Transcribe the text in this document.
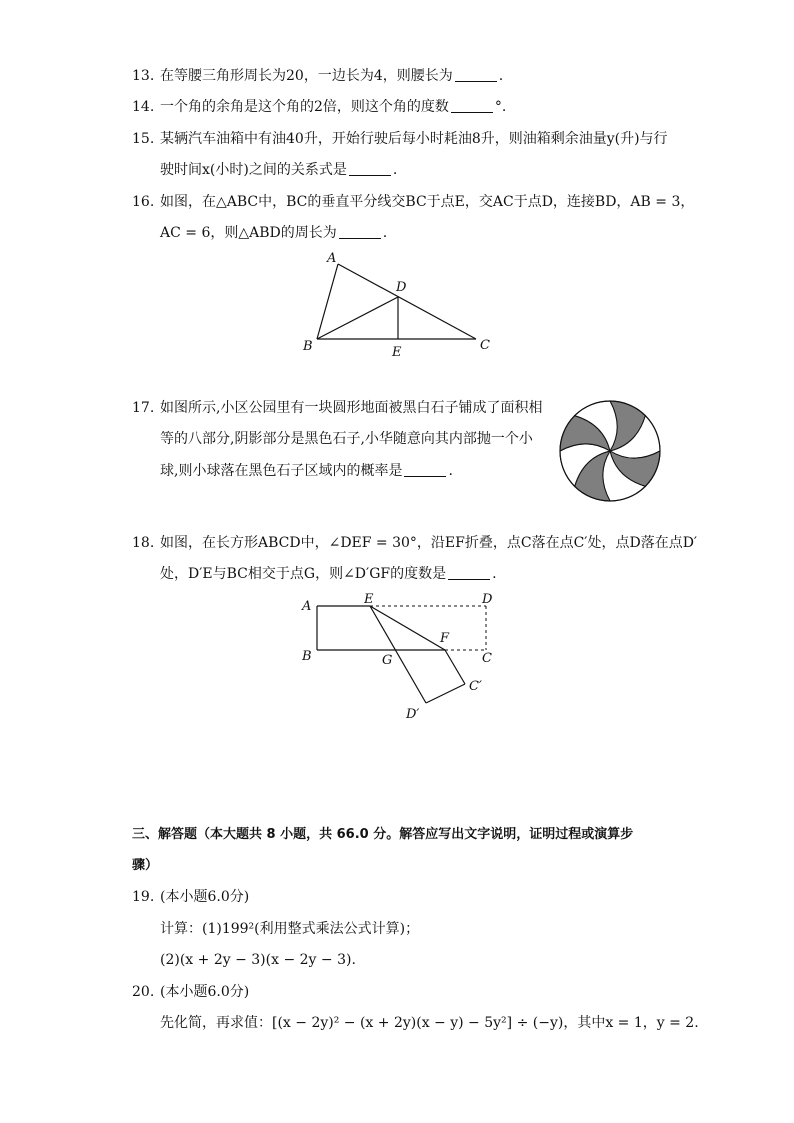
13. 在等腰三角形周长为20，一边长为4，则腰长为	.
14. 一个角的余角是这个角的2倍，则这个角的度数	°.
15. 某辆汽车油箱中有油40升，开始行驶后每小时耗油8升，则油箱剩余油量y(升)与行
驶时间x(小时)之间的关系式是	.
16. 如图，在△ABC中，BC的垂直平分线交BC于点E，交AC于点D，连接BD，AB = 3，
AC = 6，则△ABD的周长为	.
A
B	C
D
E
17. 如图所示,小区公园里有一块圆形地面被黑白石子铺成了面积相
等的八部分,阴影部分是黑色石子,小华随意向其内部抛一个小
球,则小球落在黑色石子区域内的概率是	.
18. 如图，在长方形ABCD中，∠DEF = 30°，沿EF折叠，点C落在点C′处，点D落在点D′
处，D′E与BC相交于点G，则∠D′GF的度数是	.
A
B
E	D
F
G	C
C′
D′
三、解答题（本大题共 8 小题，共 66.0 分。解答应写出文字说明，证明过程或演算步
骤）
19. (本小题6.0分)
计算：(1)199²(利用整式乘法公式计算)；
(2)(x + 2y − 3)(x − 2y − 3).
20. (本小题6.0分)
先化简，再求值：[(x − 2y)² − (x + 2y)(x − y) − 5y²] ÷ (−y)，其中x = 1，y = 2.
